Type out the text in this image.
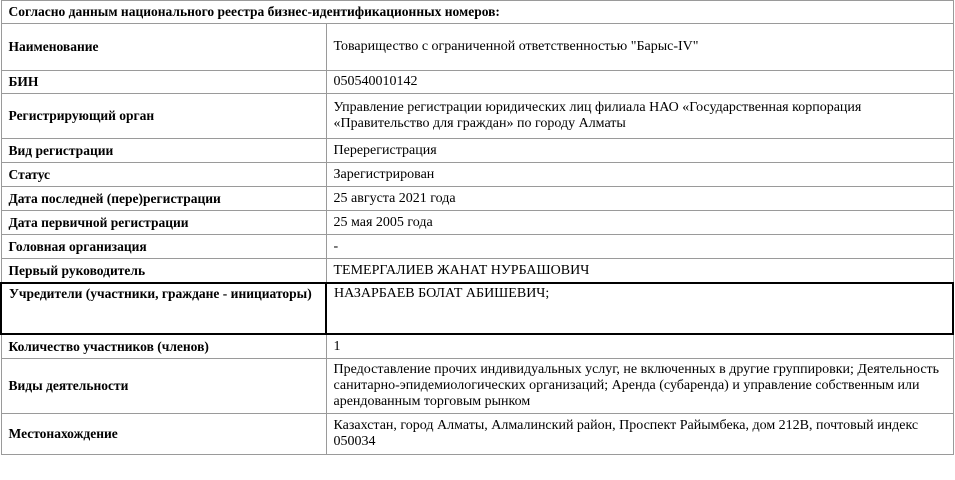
Согласно данным национального реестра бизнес-идентификационных номеров:	
Наименование	Товарищество с ограниченной ответственностью "Барыс-IV"
БИН	050540010142
Регистрирующий орган	Управление регистрации юридических лиц филиала НАО «Государственная корпорация «Правительство для граждан» по городу Алматы
Вид регистрации	Перерегистрация
Статус	Зарегистрирован
Дата последней (пере)регистрации	25 августа 2021 года
Дата первичной регистрации	25 мая 2005 года
Головная организация	-
Первый руководитель	ТЕМЕРГАЛИЕВ ЖАНАТ НУРБАШОВИЧ
Учредители (участники, граждане - инициаторы)	НАЗАРБАЕВ БОЛАТ АБИШЕВИЧ;
Количество участников (членов)	1
Виды деятельности	Предоставление прочих индивидуальных услуг, не включенных в другие группировки; Деятельность санитарно-эпидемиологических организаций; Аренда (субаренда) и управление собственным или арендованным торговым рынком
Местонахождение	Казахстан, город Алматы, Алмалинский район, Проспект Райымбека, дом 212В, почтовый индекс 050034
